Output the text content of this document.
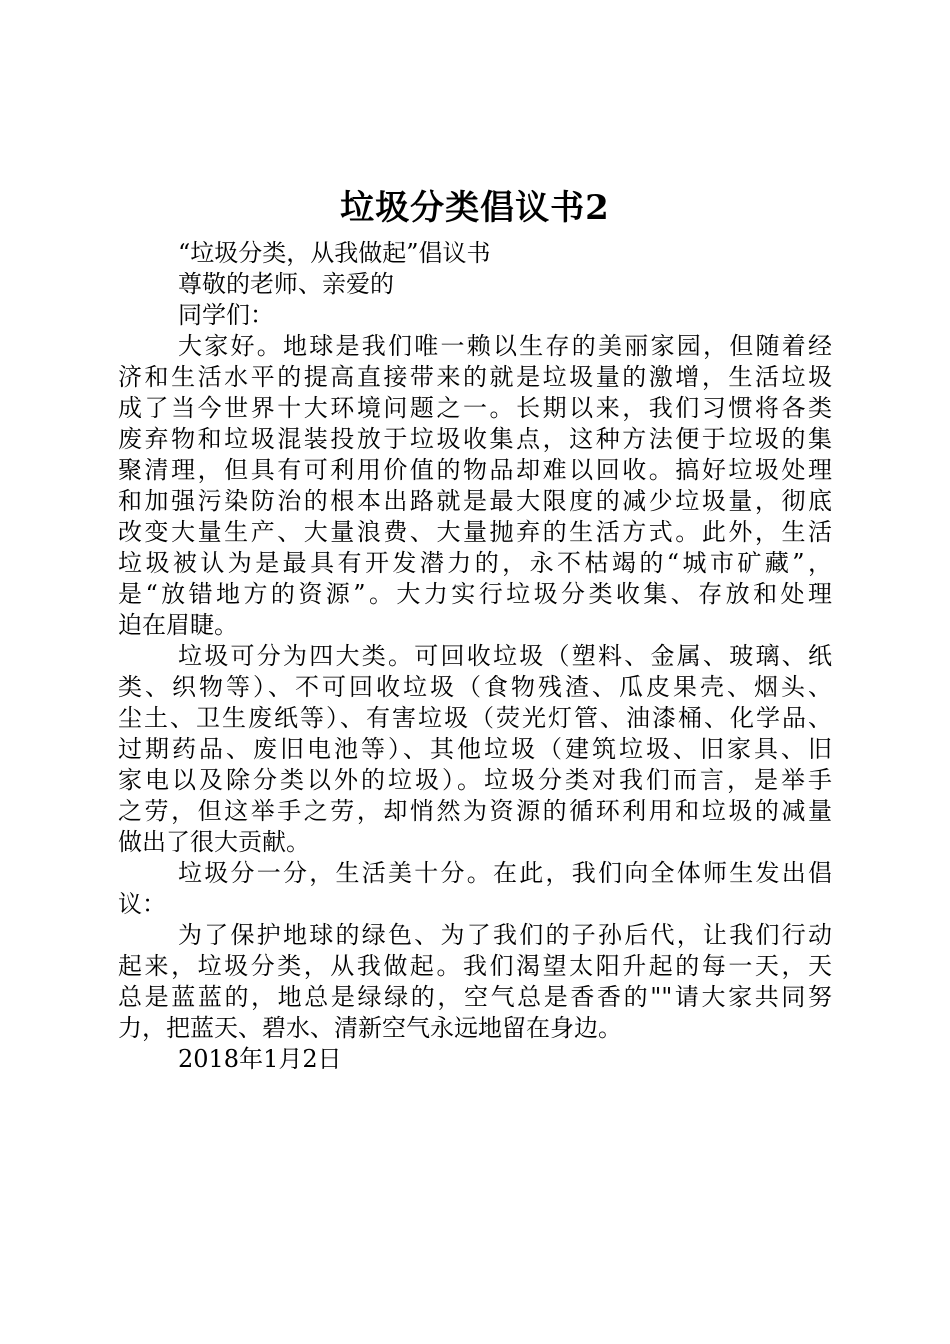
垃圾分类倡议书2
“垃圾分类，从我做起”倡议书
尊敬的老师、亲爱的
同学们：
大家好。地球是我们唯一赖以生存的美丽家园，但随着经
济和生活水平的提高直接带来的就是垃圾量的激增，生活垃圾
成了当今世界十大环境问题之一。长期以来，我们习惯将各类
废弃物和垃圾混装投放于垃圾收集点，这种方法便于垃圾的集
聚清理，但具有可利用价值的物品却难以回收。搞好垃圾处理
和加强污染防治的根本出路就是最大限度的减少垃圾量，彻底
改变大量生产、大量浪费、大量抛弃的生活方式。此外，生活
垃圾被认为是最具有开发潜力的，永不枯竭的“城市矿藏”，
是“放错地方的资源”。大力实行垃圾分类收集、存放和处理
迫在眉睫。
垃圾可分为四大类。可回收垃圾（塑料、金属、玻璃、纸
类、织物等）、不可回收垃圾（食物残渣、瓜皮果壳、烟头、
尘土、卫生废纸等）、有害垃圾（荧光灯管、油漆桶、化学品、
过期药品、废旧电池等）、其他垃圾（建筑垃圾、旧家具、旧
家电以及除分类以外的垃圾）。垃圾分类对我们而言，是举手
之劳，但这举手之劳，却悄然为资源的循环利用和垃圾的减量
做出了很大贡献。
垃圾分一分，生活美十分。在此，我们向全体师生发出倡
议：
为了保护地球的绿色、为了我们的子孙后代，让我们行动
起来，垃圾分类，从我做起。我们渴望太阳升起的每一天，天
总是蓝蓝的，地总是绿绿的，空气总是香香的""请大家共同努
力，把蓝天、碧水、清新空气永远地留在身边。
2018年1月2日
